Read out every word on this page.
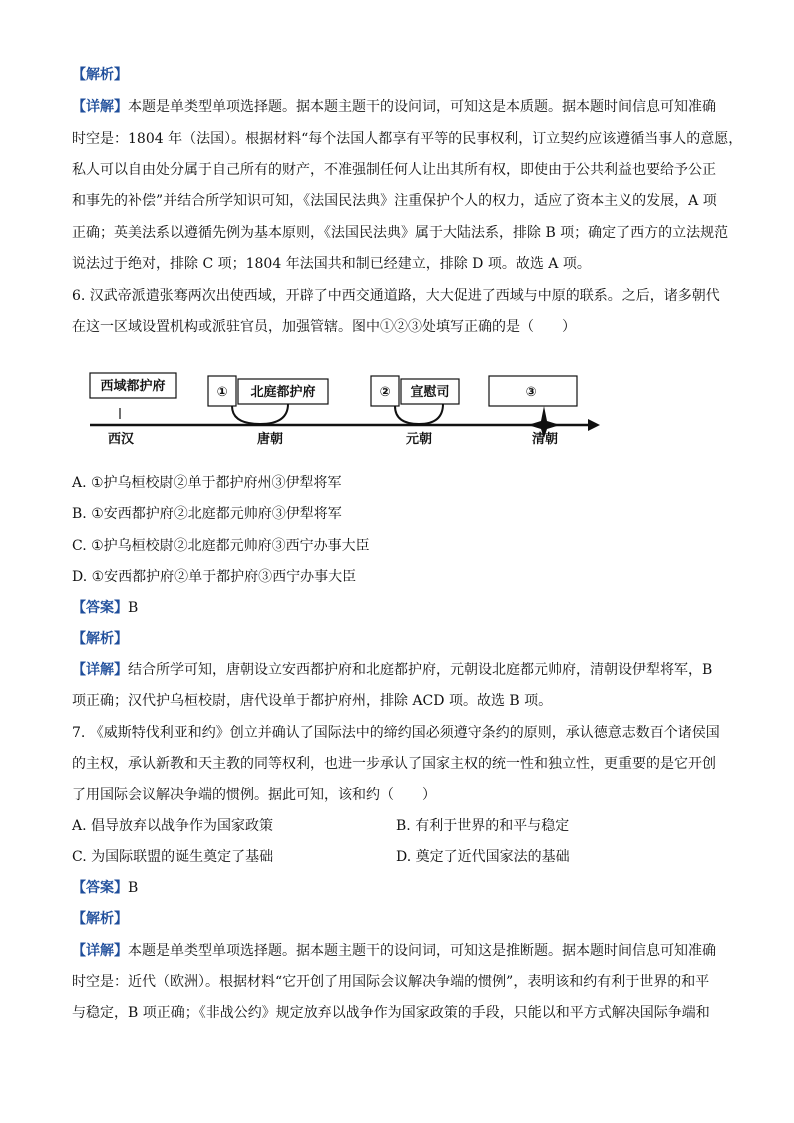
【解析】
【详解】本题是单类型单项选择题。据本题主题干的设问词，可知这是本质题。据本题时间信息可知准确
时空是：1804 年（法国）。根据材料“每个法国人都享有平等的民事权利，订立契约应该遵循当事人的意愿，
私人可以自由处分属于自己所有的财产，不准强制任何人让出其所有权，即使由于公共利益也要给予公正
和事先的补偿”并结合所学知识可知，《法国民法典》注重保护个人的权力，适应了资本主义的发展，A 项
正确；英美法系以遵循先例为基本原则，《法国民法典》属于大陆法系，排除 B 项；确定了西方的立法规范
说法过于绝对，排除 C 项；1804 年法国共和制已经建立，排除 D 项。故选 A 项。
6. 汉武帝派遣张骞两次出使西域，开辟了中西交通道路，大大促进了西域与中原的联系。之后，诸多朝代
在这一区域设置机构或派驻官员，加强管辖。图中①②③处填写正确的是（　　）
西域都护府	① 北庭都护府	② 宣慰司	③
西汉	唐朝	元朝	清朝
A. ①护乌桓校尉②单于都护府州③伊犁将军
B. ①安西都护府②北庭都元帅府③伊犁将军
C. ①护乌桓校尉②北庭都元帅府③西宁办事大臣
D. ①安西都护府②单于都护府③西宁办事大臣
【答案】B
【解析】
【详解】结合所学可知，唐朝设立安西都护府和北庭都护府，元朝设北庭都元帅府，清朝设伊犁将军，B
项正确；汉代护乌桓校尉，唐代设单于都护府州，排除 ACD 项。故选 B 项。
7. 《威斯特伐利亚和约》创立并确认了国际法中的缔约国必须遵守条约的原则，承认德意志数百个诸侯国
的主权，承认新教和天主教的同等权利，也进一步承认了国家主权的统一性和独立性，更重要的是它开创
了用国际会议解决争端的惯例。据此可知，该和约（　　）
A. 倡导放弃以战争作为国家政策	B. 有利于世界的和平与稳定
C. 为国际联盟的诞生奠定了基础	D. 奠定了近代国家法的基础
【答案】B
【解析】
【详解】本题是单类型单项选择题。据本题主题干的设问词，可知这是推断题。据本题时间信息可知准确
时空是：近代（欧洲）。根据材料“它开创了用国际会议解决争端的惯例”，表明该和约有利于世界的和平
与稳定，B 项正确；《非战公约》规定放弃以战争作为国家政策的手段，只能以和平方式解决国际争端和
